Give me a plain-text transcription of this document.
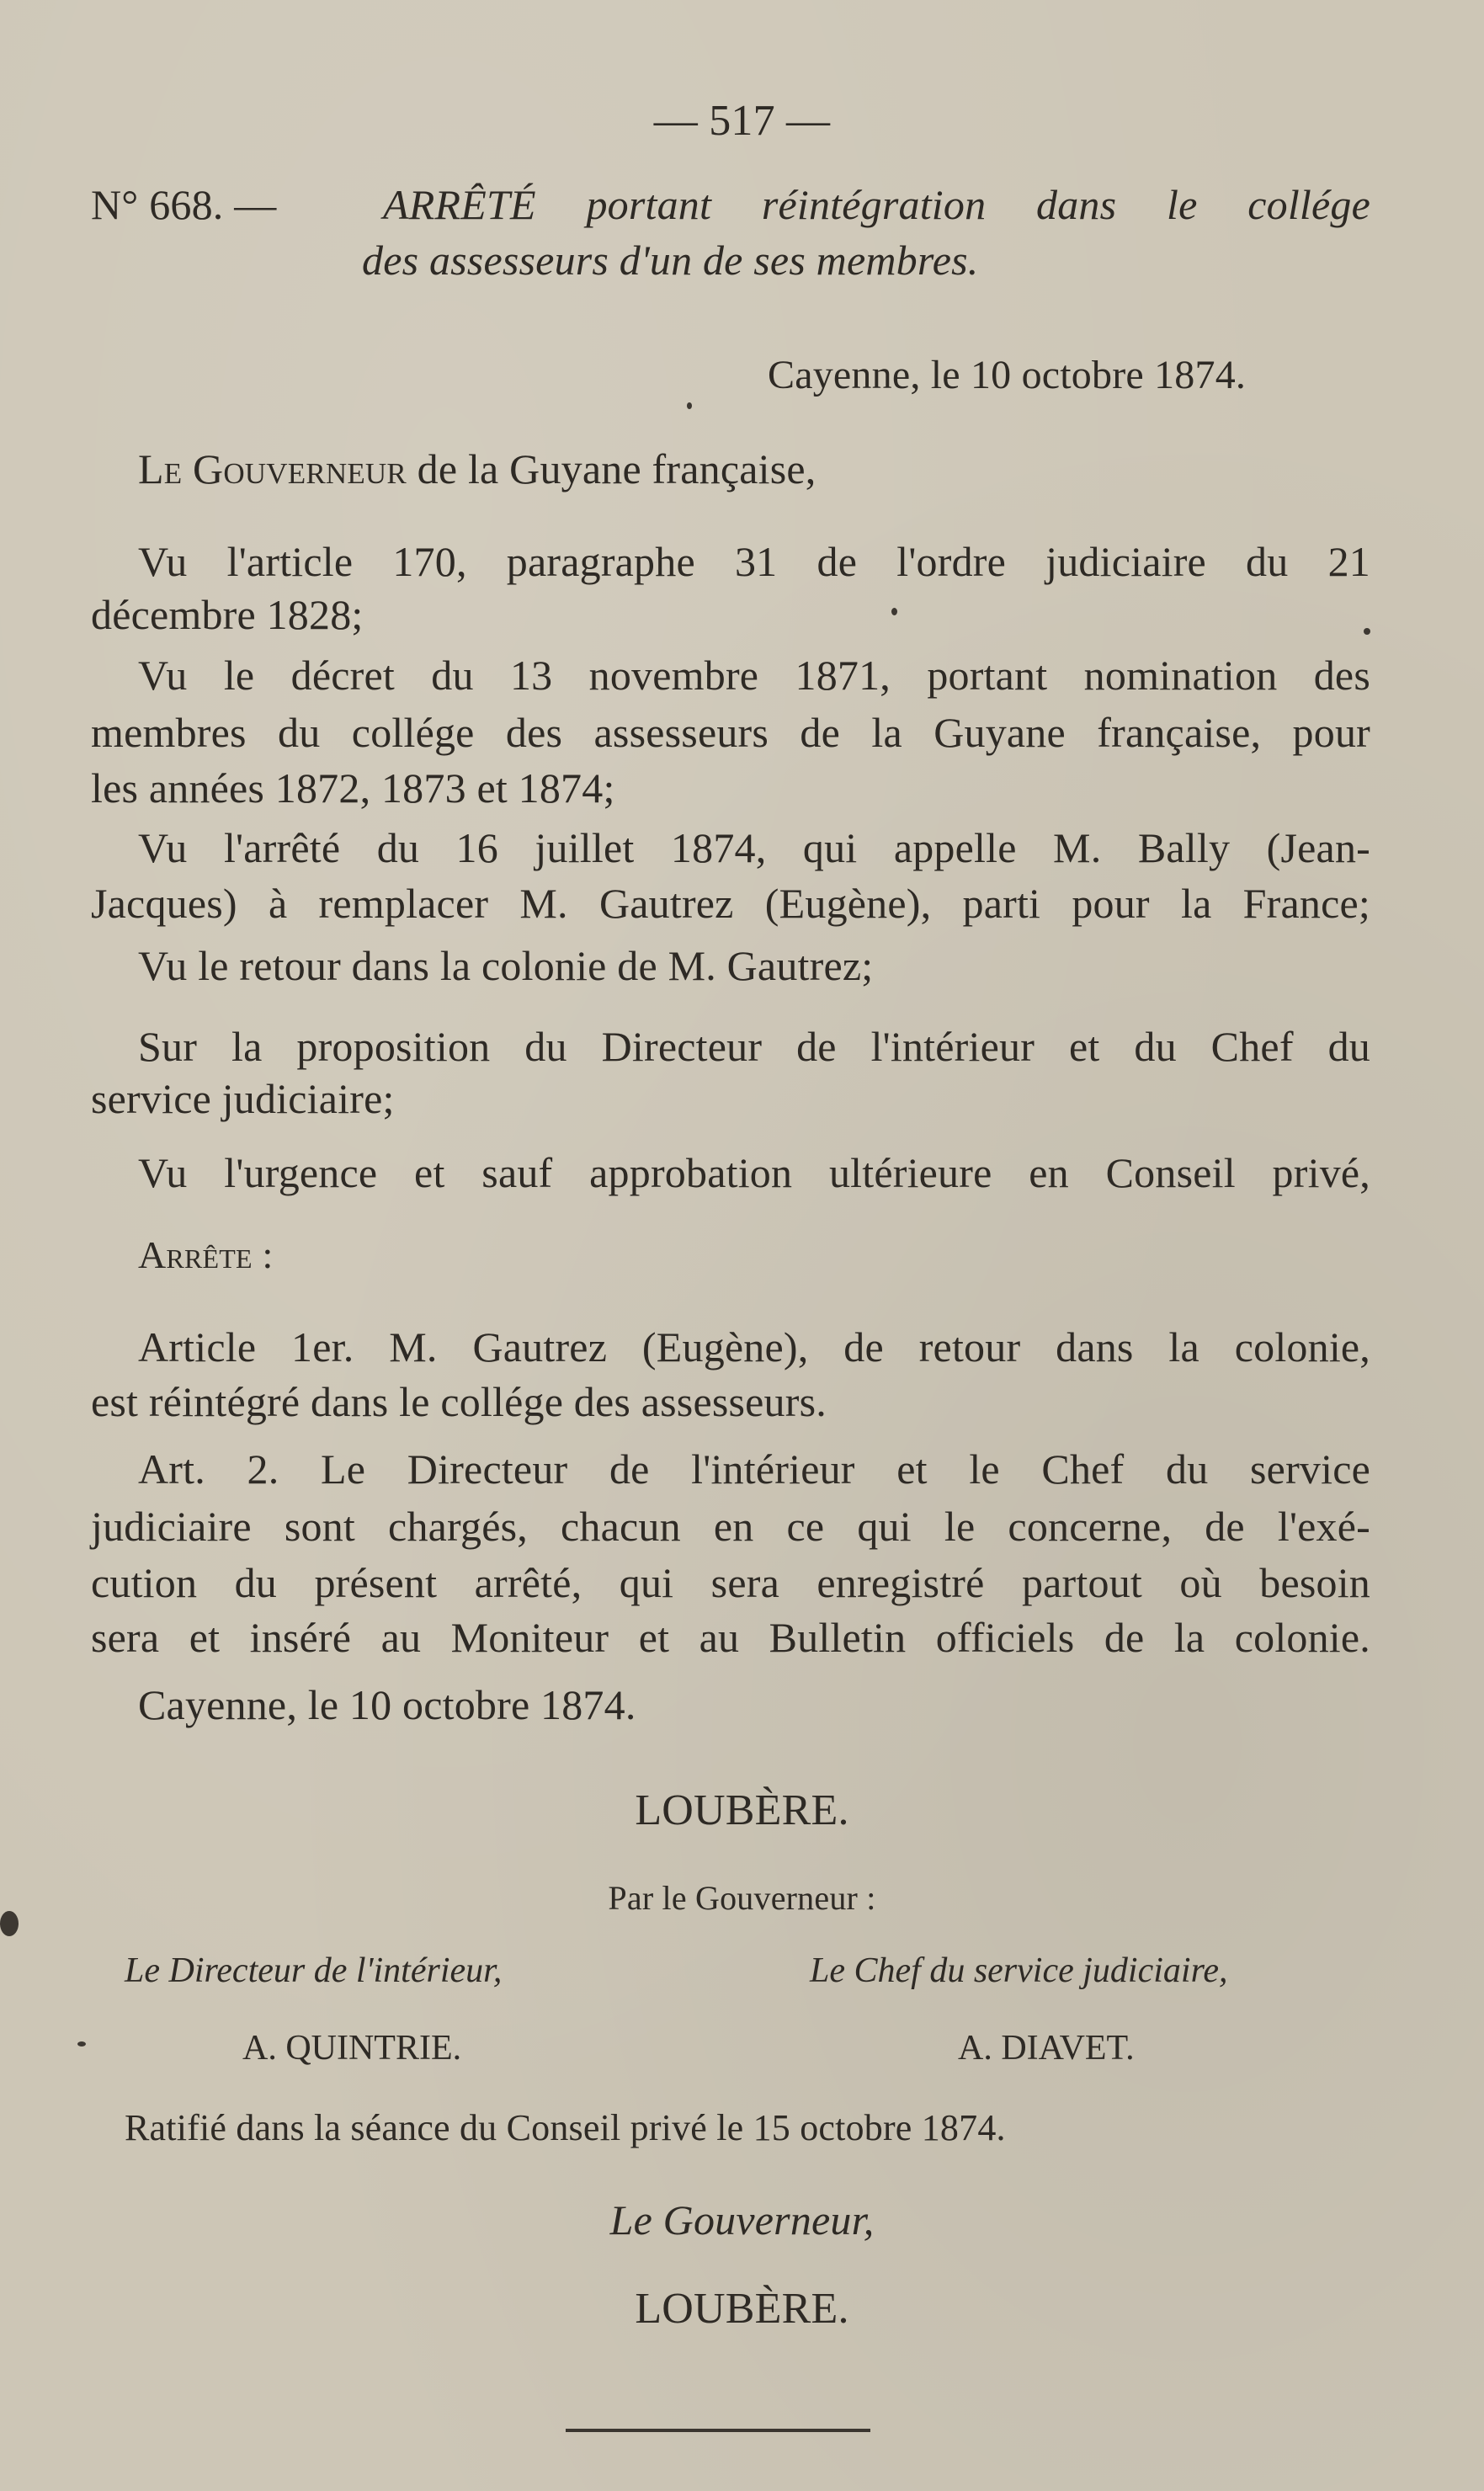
— 517 —
N° 668. —	ARRÊTÉ portant réintégration dans le collége
des assesseurs d'un de ses membres.
Cayenne, le 10 octobre 1874.
Le Gouverneur de la Guyane française,
Vu l'article 170, paragraphe 31 de l'ordre judiciaire du 21
décembre 1828;
Vu le décret du 13 novembre 1871, portant nomination des
membres du collége des assesseurs de la Guyane française, pour
les années 1872, 1873 et 1874;
Vu l'arrêté du 16 juillet 1874, qui appelle M. Bally (Jean-
Jacques) à remplacer M. Gautrez (Eugène), parti pour la France;
Vu le retour dans la colonie de M. Gautrez;
Sur la proposition du Directeur de l'intérieur et du Chef du
service judiciaire;
Vu l'urgence et sauf approbation ultérieure en Conseil privé,
Arrête :
Article 1er. M. Gautrez (Eugène), de retour dans la colonie,
est réintégré dans le collége des assesseurs.
Art. 2. Le Directeur de l'intérieur et le Chef du service
judiciaire sont chargés, chacun en ce qui le concerne, de l'exé-
cution du présent arrêté, qui sera enregistré partout où besoin
sera et inséré au Moniteur et au Bulletin officiels de la colonie.
Cayenne, le 10 octobre 1874.
LOUBÈRE.
Par le Gouverneur :
Le Directeur de l'intérieur,	Le Chef du service judiciaire,
A. QUINTRIE.	A. DIAVET.
Ratifié dans la séance du Conseil privé le 15 octobre 1874.
Le Gouverneur,
LOUBÈRE.
